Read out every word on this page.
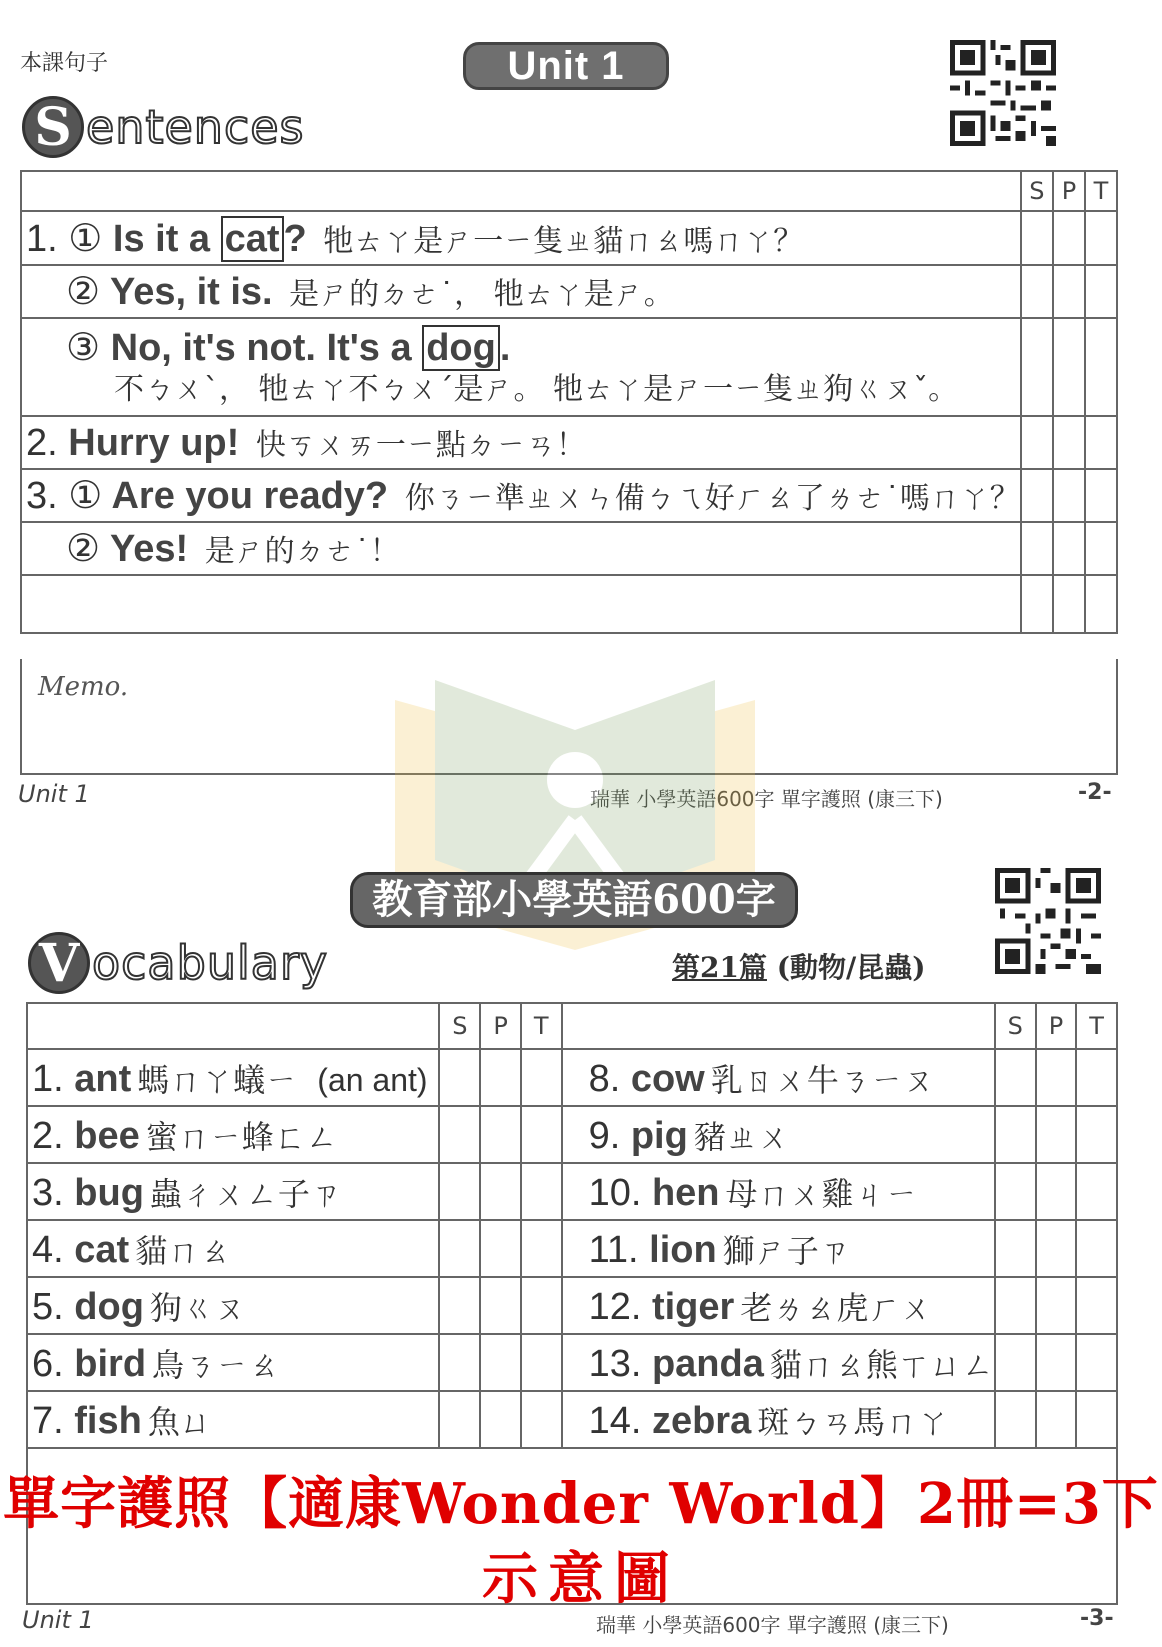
本課句子	Unit 1
S entences
	S	P	T
1. ① Is it a cat ? 牠ㄊㄚ是ㄕ一ㄧ隻ㄓ貓ㄇㄠ嗎ㄇㄚ？			
② Yes, it is. 是ㄕ的ㄉㄜ˙， 牠ㄊㄚ是ㄕ。			
③ No, it's not. It's a dog .
不ㄅㄨˋ， 牠ㄊㄚ不ㄅㄨˊ是ㄕ。 牠ㄊㄚ是ㄕ一ㄧ隻ㄓ狗ㄍㄡˇ。			

2. Hurry up! 快ㄎㄨㄞ一ㄧ點ㄉㄧㄢ！			
3. ① Are you ready? 你ㄋㄧ準ㄓㄨㄣ備ㄅㄟ好ㄏㄠ了ㄌㄜ˙嗎ㄇㄚ？			
② Yes! 是ㄕ的ㄉㄜ˙！			

Memo.
Unit 1	瑞華 小學英語600字 單字護照 (康三下)	-2-
教育部小學英語600字
V ocabulary	第21篇 (動物/昆蟲)
	S	P	T		S	P	T
1. ant 螞ㄇㄚ蟻ㄧ (an ant)				8. cow 乳ㄖㄨ牛ㄋㄧㄡ			
2. bee 蜜ㄇㄧ蜂ㄈㄥ				9. pig 豬ㄓㄨ			
3. bug 蟲ㄔㄨㄥ子ㄗ				10. hen 母ㄇㄨ雞ㄐㄧ			
4. cat 貓ㄇㄠ				11. lion 獅ㄕ子ㄗ			
5. dog 狗ㄍㄡ				12. tiger 老ㄌㄠ虎ㄏㄨ			
6. bird 鳥ㄋㄧㄠ				13. panda 貓ㄇㄠ熊ㄒㄩㄥ			
7. fish 魚ㄩ				14. zebra 斑ㄅㄢ馬ㄇㄚ			
單字護照【適康Wonder World】2冊=3下
示意圖
Unit 1	瑞華 小學英語600字 單字護照 (康三下)	-3-
